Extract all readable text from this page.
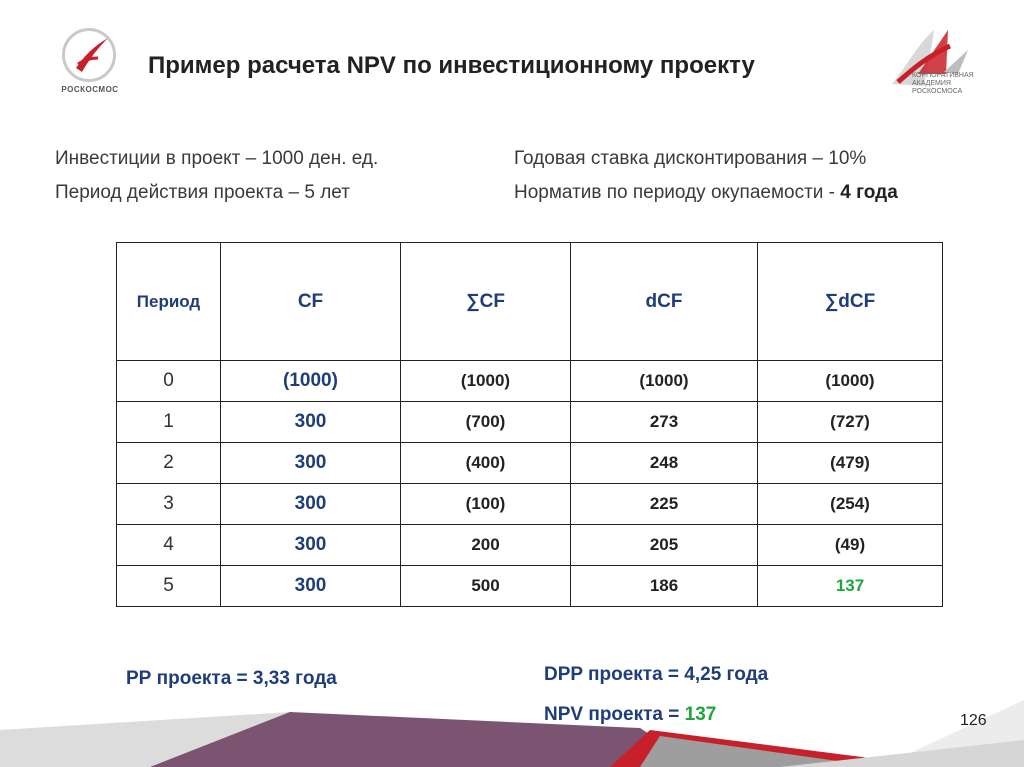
РОСКОСМОС
Пример расчета NPV по инвестиционному проекту	КОРПОРАТИВНАЯ
АКАДЕМИЯ
РОСКОСМОСА
Инвестиции в проект – 1000 ден. ед.
Период действия проекта – 5 лет
Годовая ставка дисконтирования – 10%
Норматив по периоду окупаемости - 4 года
Период	CF	∑CF	dCF	∑dCF
0	(1000)	(1000)	(1000)	(1000)
1	300	(700)	273	(727)
2	300	(400)	248	(479)
3	300	(100)	225	(254)
4	300	200	205	(49)
5	300	500	186	137
РР проекта = 3,33 года	DPP проекта = 4,25 года
NPV проекта = 137	126
